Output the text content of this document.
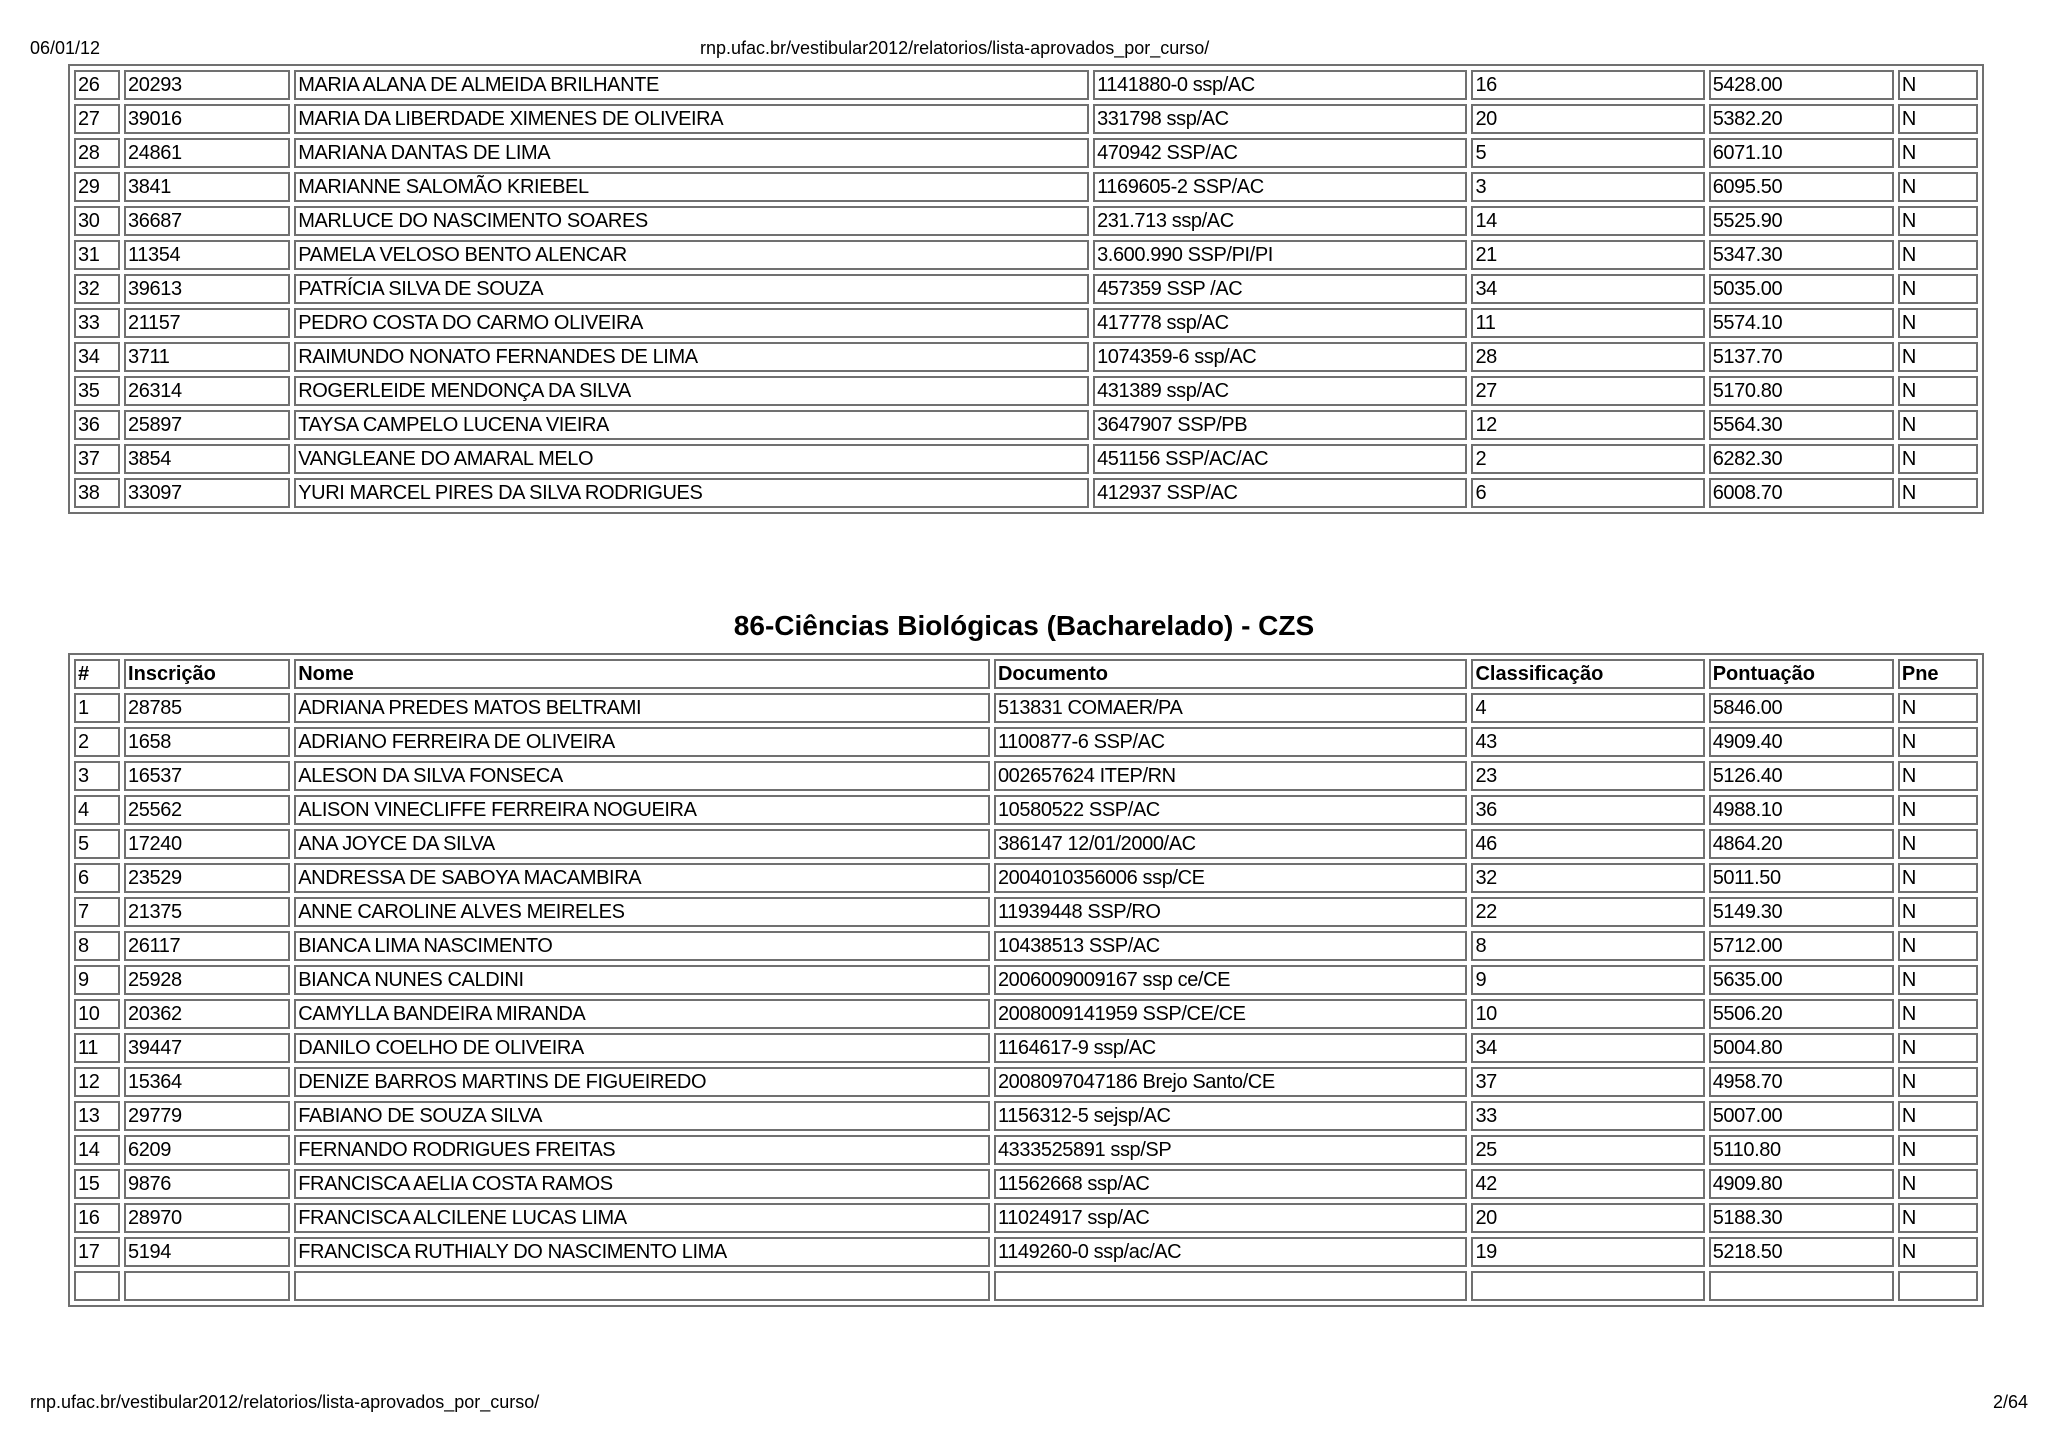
06/01/12	rnp.ufac.br/vestibular2012/relatorios/lista-aprovados_por_curso/
26	20293	MARIA ALANA DE ALMEIDA BRILHANTE	1141880-0 ssp/AC	16	5428.00	N
27	39016	MARIA DA LIBERDADE XIMENES DE OLIVEIRA	331798 ssp/AC	20	5382.20	N
28	24861	MARIANA DANTAS DE LIMA	470942 SSP/AC	5	6071.10	N
29	3841	MARIANNE SALOMÃO KRIEBEL	1169605-2 SSP/AC	3	6095.50	N
30	36687	MARLUCE DO NASCIMENTO SOARES	231.713 ssp/AC	14	5525.90	N
31	11354	PAMELA VELOSO BENTO ALENCAR	3.600.990 SSP/PI/PI	21	5347.30	N
32	39613	PATRÍCIA SILVA DE SOUZA	457359 SSP /AC	34	5035.00	N
33	21157	PEDRO COSTA DO CARMO OLIVEIRA	417778 ssp/AC	11	5574.10	N
34	3711	RAIMUNDO NONATO FERNANDES DE LIMA	1074359-6 ssp/AC	28	5137.70	N
35	26314	ROGERLEIDE MENDONÇA DA SILVA	431389 ssp/AC	27	5170.80	N
36	25897	TAYSA CAMPELO LUCENA VIEIRA	3647907 SSP/PB	12	5564.30	N
37	3854	VANGLEANE DO AMARAL MELO	451156 SSP/AC/AC	2	6282.30	N
38	33097	YURI MARCEL PIRES DA SILVA RODRIGUES	412937 SSP/AC	6	6008.70	N
86-Ciências Biológicas (Bacharelado) - CZS
#	Inscrição	Nome	Documento	Classificação	Pontuação	Pne
1	28785	ADRIANA PREDES MATOS BELTRAMI	513831 COMAER/PA	4	5846.00	N
2	1658	ADRIANO FERREIRA DE OLIVEIRA	1100877-6 SSP/AC	43	4909.40	N
3	16537	ALESON DA SILVA FONSECA	002657624 ITEP/RN	23	5126.40	N
4	25562	ALISON VINECLIFFE FERREIRA NOGUEIRA	10580522 SSP/AC	36	4988.10	N
5	17240	ANA JOYCE DA SILVA	386147 12/01/2000/AC	46	4864.20	N
6	23529	ANDRESSA DE SABOYA MACAMBIRA	2004010356006 ssp/CE	32	5011.50	N
7	21375	ANNE CAROLINE ALVES MEIRELES	11939448 SSP/RO	22	5149.30	N
8	26117	BIANCA LIMA NASCIMENTO	10438513 SSP/AC	8	5712.00	N
9	25928	BIANCA NUNES CALDINI	2006009009167 ssp ce/CE	9	5635.00	N
10	20362	CAMYLLA BANDEIRA MIRANDA	2008009141959 SSP/CE/CE	10	5506.20	N
11	39447	DANILO COELHO DE OLIVEIRA	1164617-9 ssp/AC	34	5004.80	N
12	15364	DENIZE BARROS MARTINS DE FIGUEIREDO	2008097047186 Brejo Santo/CE	37	4958.70	N
13	29779	FABIANO DE SOUZA SILVA	1156312-5 sejsp/AC	33	5007.00	N
14	6209	FERNANDO RODRIGUES FREITAS	4333525891 ssp/SP	25	5110.80	N
15	9876	FRANCISCA AELIA COSTA RAMOS	11562668 ssp/AC	42	4909.80	N
16	28970	FRANCISCA ALCILENE LUCAS LIMA	11024917 ssp/AC	20	5188.30	N
17	5194	FRANCISCA RUTHIALY DO NASCIMENTO LIMA	1149260-0 ssp/ac/AC	19	5218.50	N

rnp.ufac.br/vestibular2012/relatorios/lista-aprovados_por_curso/	2/64
